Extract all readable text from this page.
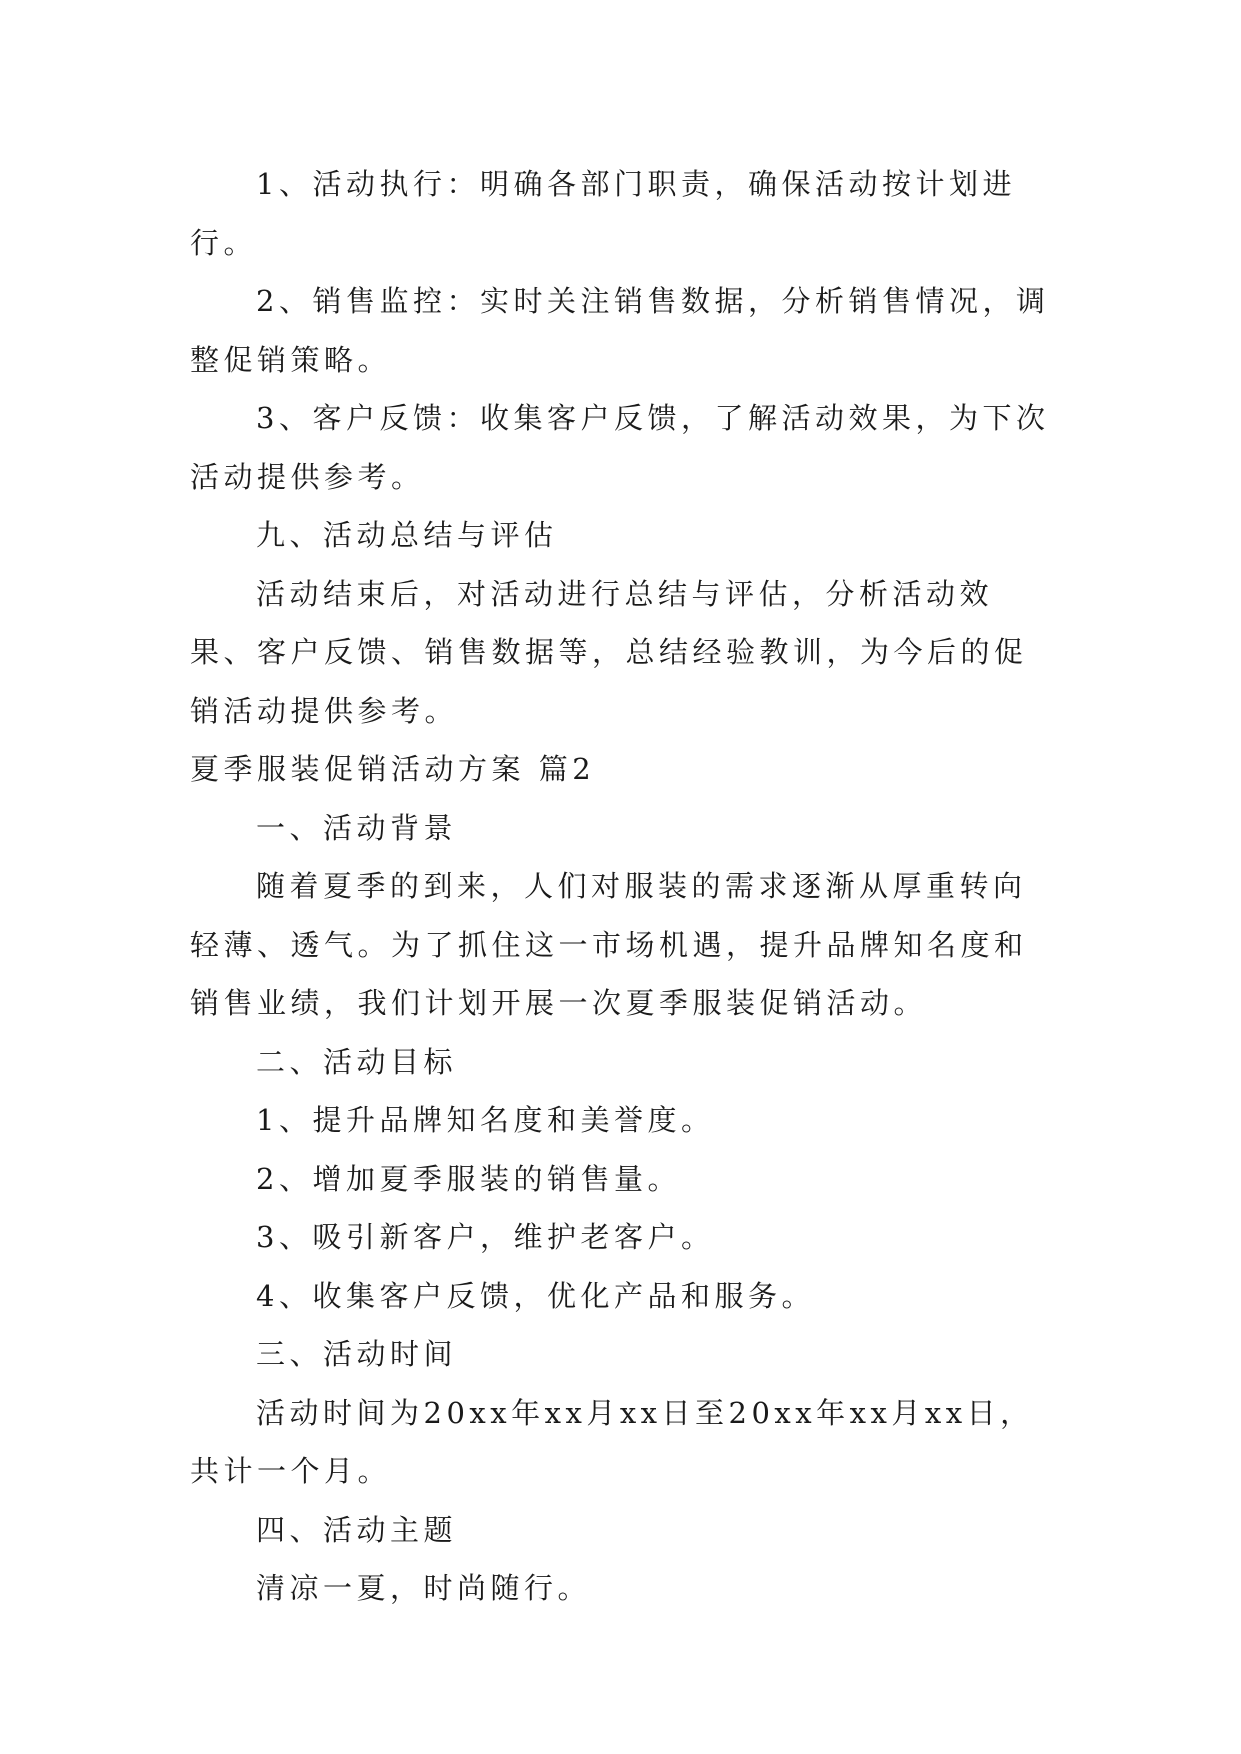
1、活动执行：明确各部门职责，确保活动按计划进行。

2、销售监控：实时关注销售数据，分析销售情况，调整促销策略。

3、客户反馈：收集客户反馈，了解活动效果，为下次活动提供参考。

九、活动总结与评估

活动结束后，对活动进行总结与评估，分析活动效果、客户反馈、销售数据等，总结经验教训，为今后的促销活动提供参考。

夏季服装促销活动方案 篇2

一、活动背景

随着夏季的到来，人们对服装的需求逐渐从厚重转向轻薄、透气。为了抓住这一市场机遇，提升品牌知名度和销售业绩，我们计划开展一次夏季服装促销活动。

二、活动目标

1、提升品牌知名度和美誉度。

2、增加夏季服装的销售量。

3、吸引新客户，维护老客户。

4、收集客户反馈，优化产品和服务。

三、活动时间

活动时间为20xx年xx月xx日至20xx年xx月xx日，共计一个月。

四、活动主题

清凉一夏，时尚随行。
